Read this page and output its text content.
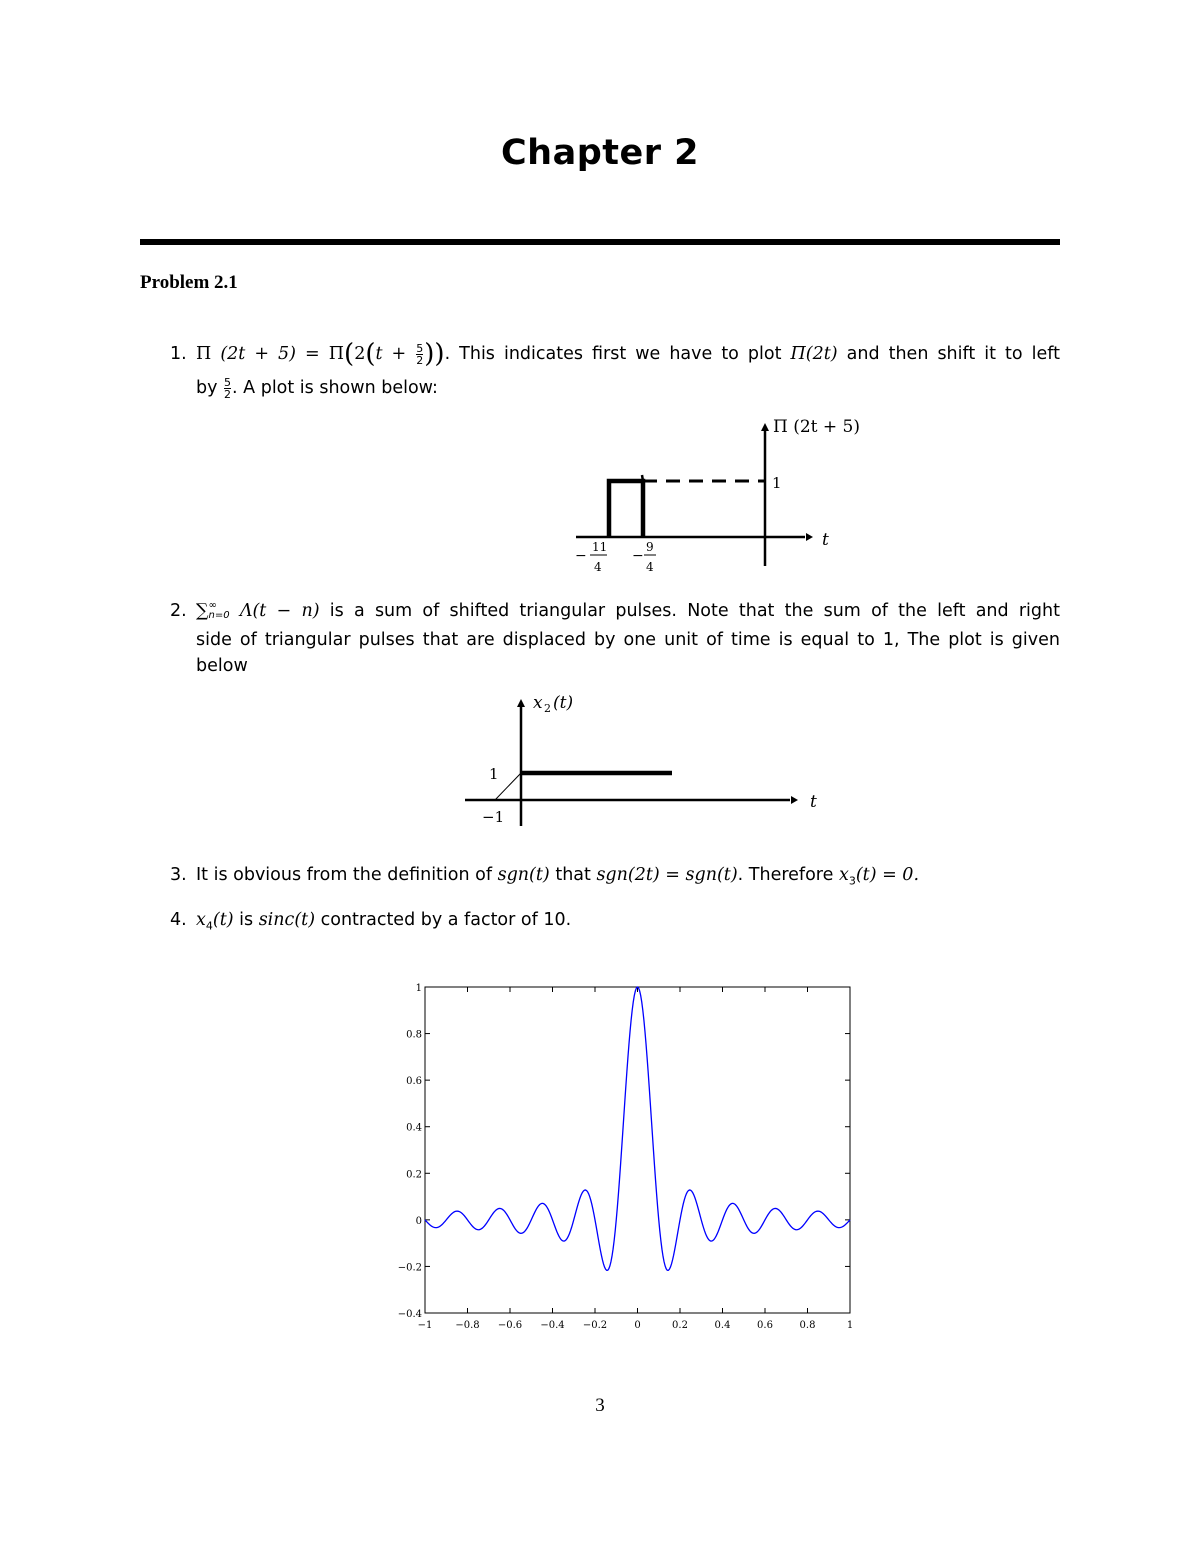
Chapter 2
Problem 2.1
1. Π $(2t + 5) = \Pi(2(t + \frac{5}{2}$ )). This indicates first we have to plot Π(2t) and then shift it to left
by $\frac{5}{2}$ . A plot is shown below:
Π (2t + 5)
1
t
−
11
4
−
9
4
2. ∑ ∞
n=0 Λ(t − n) is a sum of shifted triangular pulses. Note that the sum of the left and right
side of triangular pulses that are displaced by one unit of time is equal to 1, The plot is given
below
x 2 (t)
1
−1
t
3. It is obvious from the definition of sgn(t) that sgn(2t) = sgn(t). Therefore $x_3(t) = 0$.
4. $x_4(t)$ is sinc(t) contracted by a factor of 10.
−1 −0.8 −0.6 −0.4 −0.2	0	0.2	0.4	0.6	0.8	1
−0.4
−0.2
0
0.2
0.4
0.6
0.8
1
3
